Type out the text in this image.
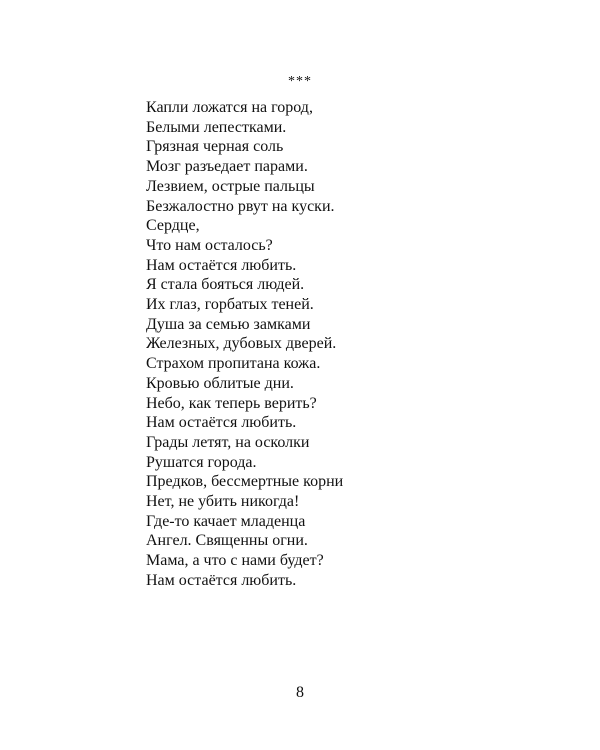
***
Капли ложатся на город,
Белыми лепестками.
Грязная черная соль
Мозг разъедает парами.
Лезвием, острые пальцы
Безжалостно рвут на куски.
Сердце,
Что нам осталось?
Нам остаётся любить.
Я стала бояться людей.
Их глаз, горбатых теней.
Душа за семью замками
Железных, дубовых дверей.
Страхом пропитана кожа.
Кровью облитые дни.
Небо, как теперь верить?
Нам остаётся любить.
Грады летят, на осколки
Рушатся города.
Предков, бессмертные корни
Нет, не убить никогда!
Где-то качает младенца
Ангел. Священны огни.
Мама, а что с нами будет?
Нам остаётся любить.
8
